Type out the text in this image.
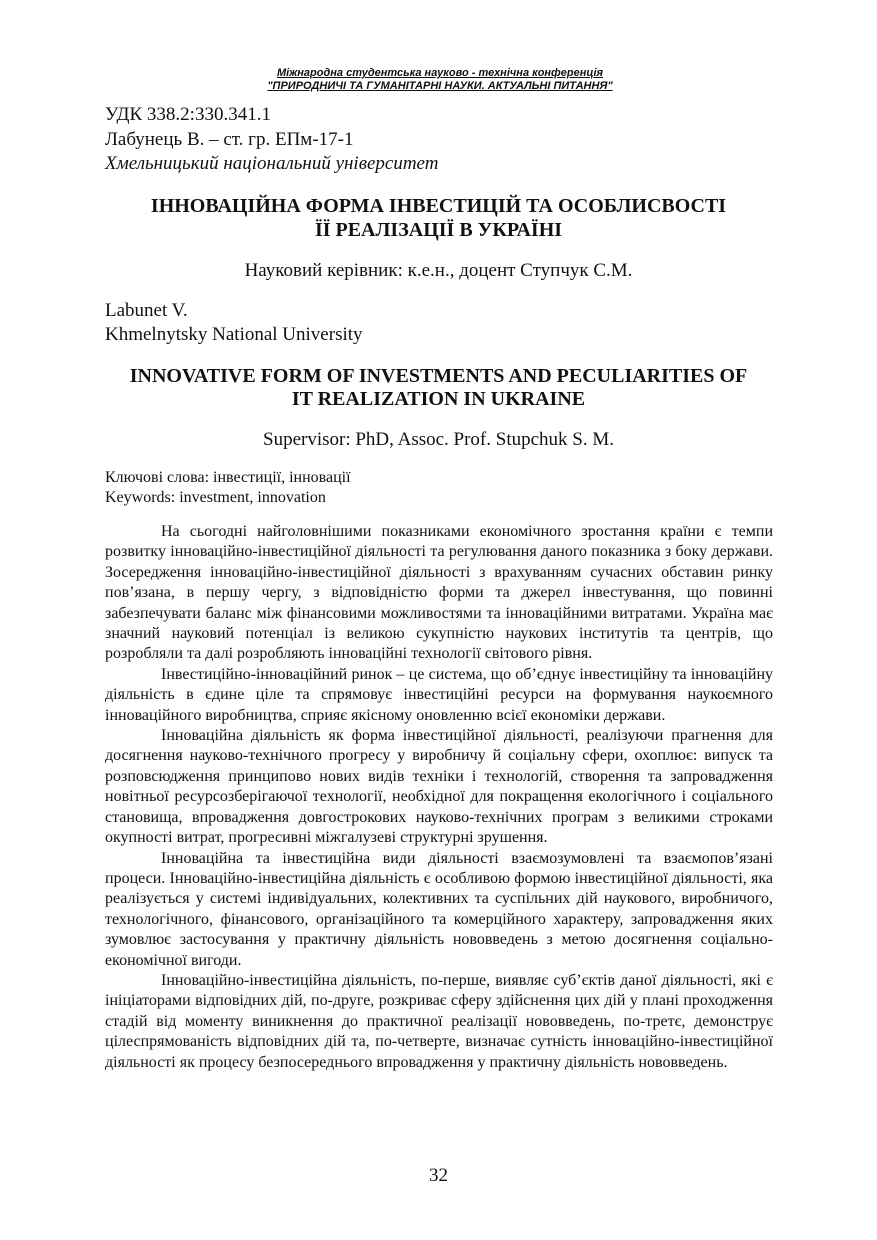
Міжнародна студентська науково - технічна конференція
"ПРИРОДНИЧІ ТА ГУМАНІТАРНІ НАУКИ. АКТУАЛЬНІ ПИТАННЯ"
УДК 338.2:330.341.1
Лабунець В. – ст. гр. ЕПм-17-1
Хмельницький національний університет
ІННОВАЦІЙНА ФОРМА ІНВЕСТИЦІЙ ТА ОСОБЛИСВОСТІ
ЇЇ РЕАЛІЗАЦІЇ В УКРАЇНІ
Науковий керівник: к.е.н., доцент Ступчук С.М.
Labunet V.
Khmelnytsky National University
INNOVATIVE FORM OF INVESTMENTS AND PECULIARITIES OF
IT REALIZATION IN UKRAINE
Supervisor: PhD, Assoc. Prof. Stupchuk S. M.
Ключові слова: інвестиції, інновації
Keywords: investment, innovation

На сьогодні найголовнішими показниками економічного зростання країни є темпи розвитку інноваційно-інвестиційної діяльності та регулювання даного показника з боку держави. Зосередження інноваційно-інвестиційної діяльності з врахуванням сучасних обставин ринку пов’язана, в першу чергу, з відповідністю форми та джерел інвестування, що повинні забезпечувати баланс між фінансовими можливостями та інноваційними витратами. Україна має значний науковий потенціал із великою сукупністю наукових інститутів та центрів, що розробляли та далі розробляють інноваційні технології світового рівня.

Інвестиційно-інноваційний ринок – це система, що об’єднує інвестиційну та інноваційну діяльність в єдине ціле та спрямовує інвестиційні ресурси на формування наукоємного інноваційного виробництва, сприяє якісному оновленню всієї економіки держави.

Інноваційна діяльність як форма інвестиційної діяльності, реалізуючи прагнення для досягнення науково-технічного прогресу у виробничу й соціальну сфери, охоплює: випуск та розповсюдження принципово нових видів техніки і технологій, створення та запровадження новітньої ресурсозберігаючої технології, необхідної для покращення екологічного і соціального становища, впровадження довгострокових науково-технічних програм з великими строками окупності витрат, прогресивні міжгалузеві структурні зрушення.

Інноваційна та інвестиційна види діяльності взаємозумовлені та взаємопов’язані процеси. Інноваційно-інвестиційна діяльність є особливою формою інвестиційної діяльності, яка реалізується у системі індивідуальних, колективних та суспільних дій наукового, виробничого, технологічного, фінансового, організаційного та комерційного характеру, запровадження яких зумовлює застосування у практичну діяльність нововведень з метою досягнення соціально-економічної вигоди.

Інноваційно-інвестиційна діяльність, по-перше, виявляє суб’єктів даної діяльності, які є ініціаторами відповідних дій, по-друге, розкриває сферу здійснення цих дій у плані проходження стадій від моменту виникнення до практичної реалізації нововведень, по-третє, демонструє цілеспрямованість відповідних дій та, по-четверте, визначає сутність інноваційно-інвестиційної діяльності як процесу безпосереднього впровадження у практичну діяльність нововведень.

32
